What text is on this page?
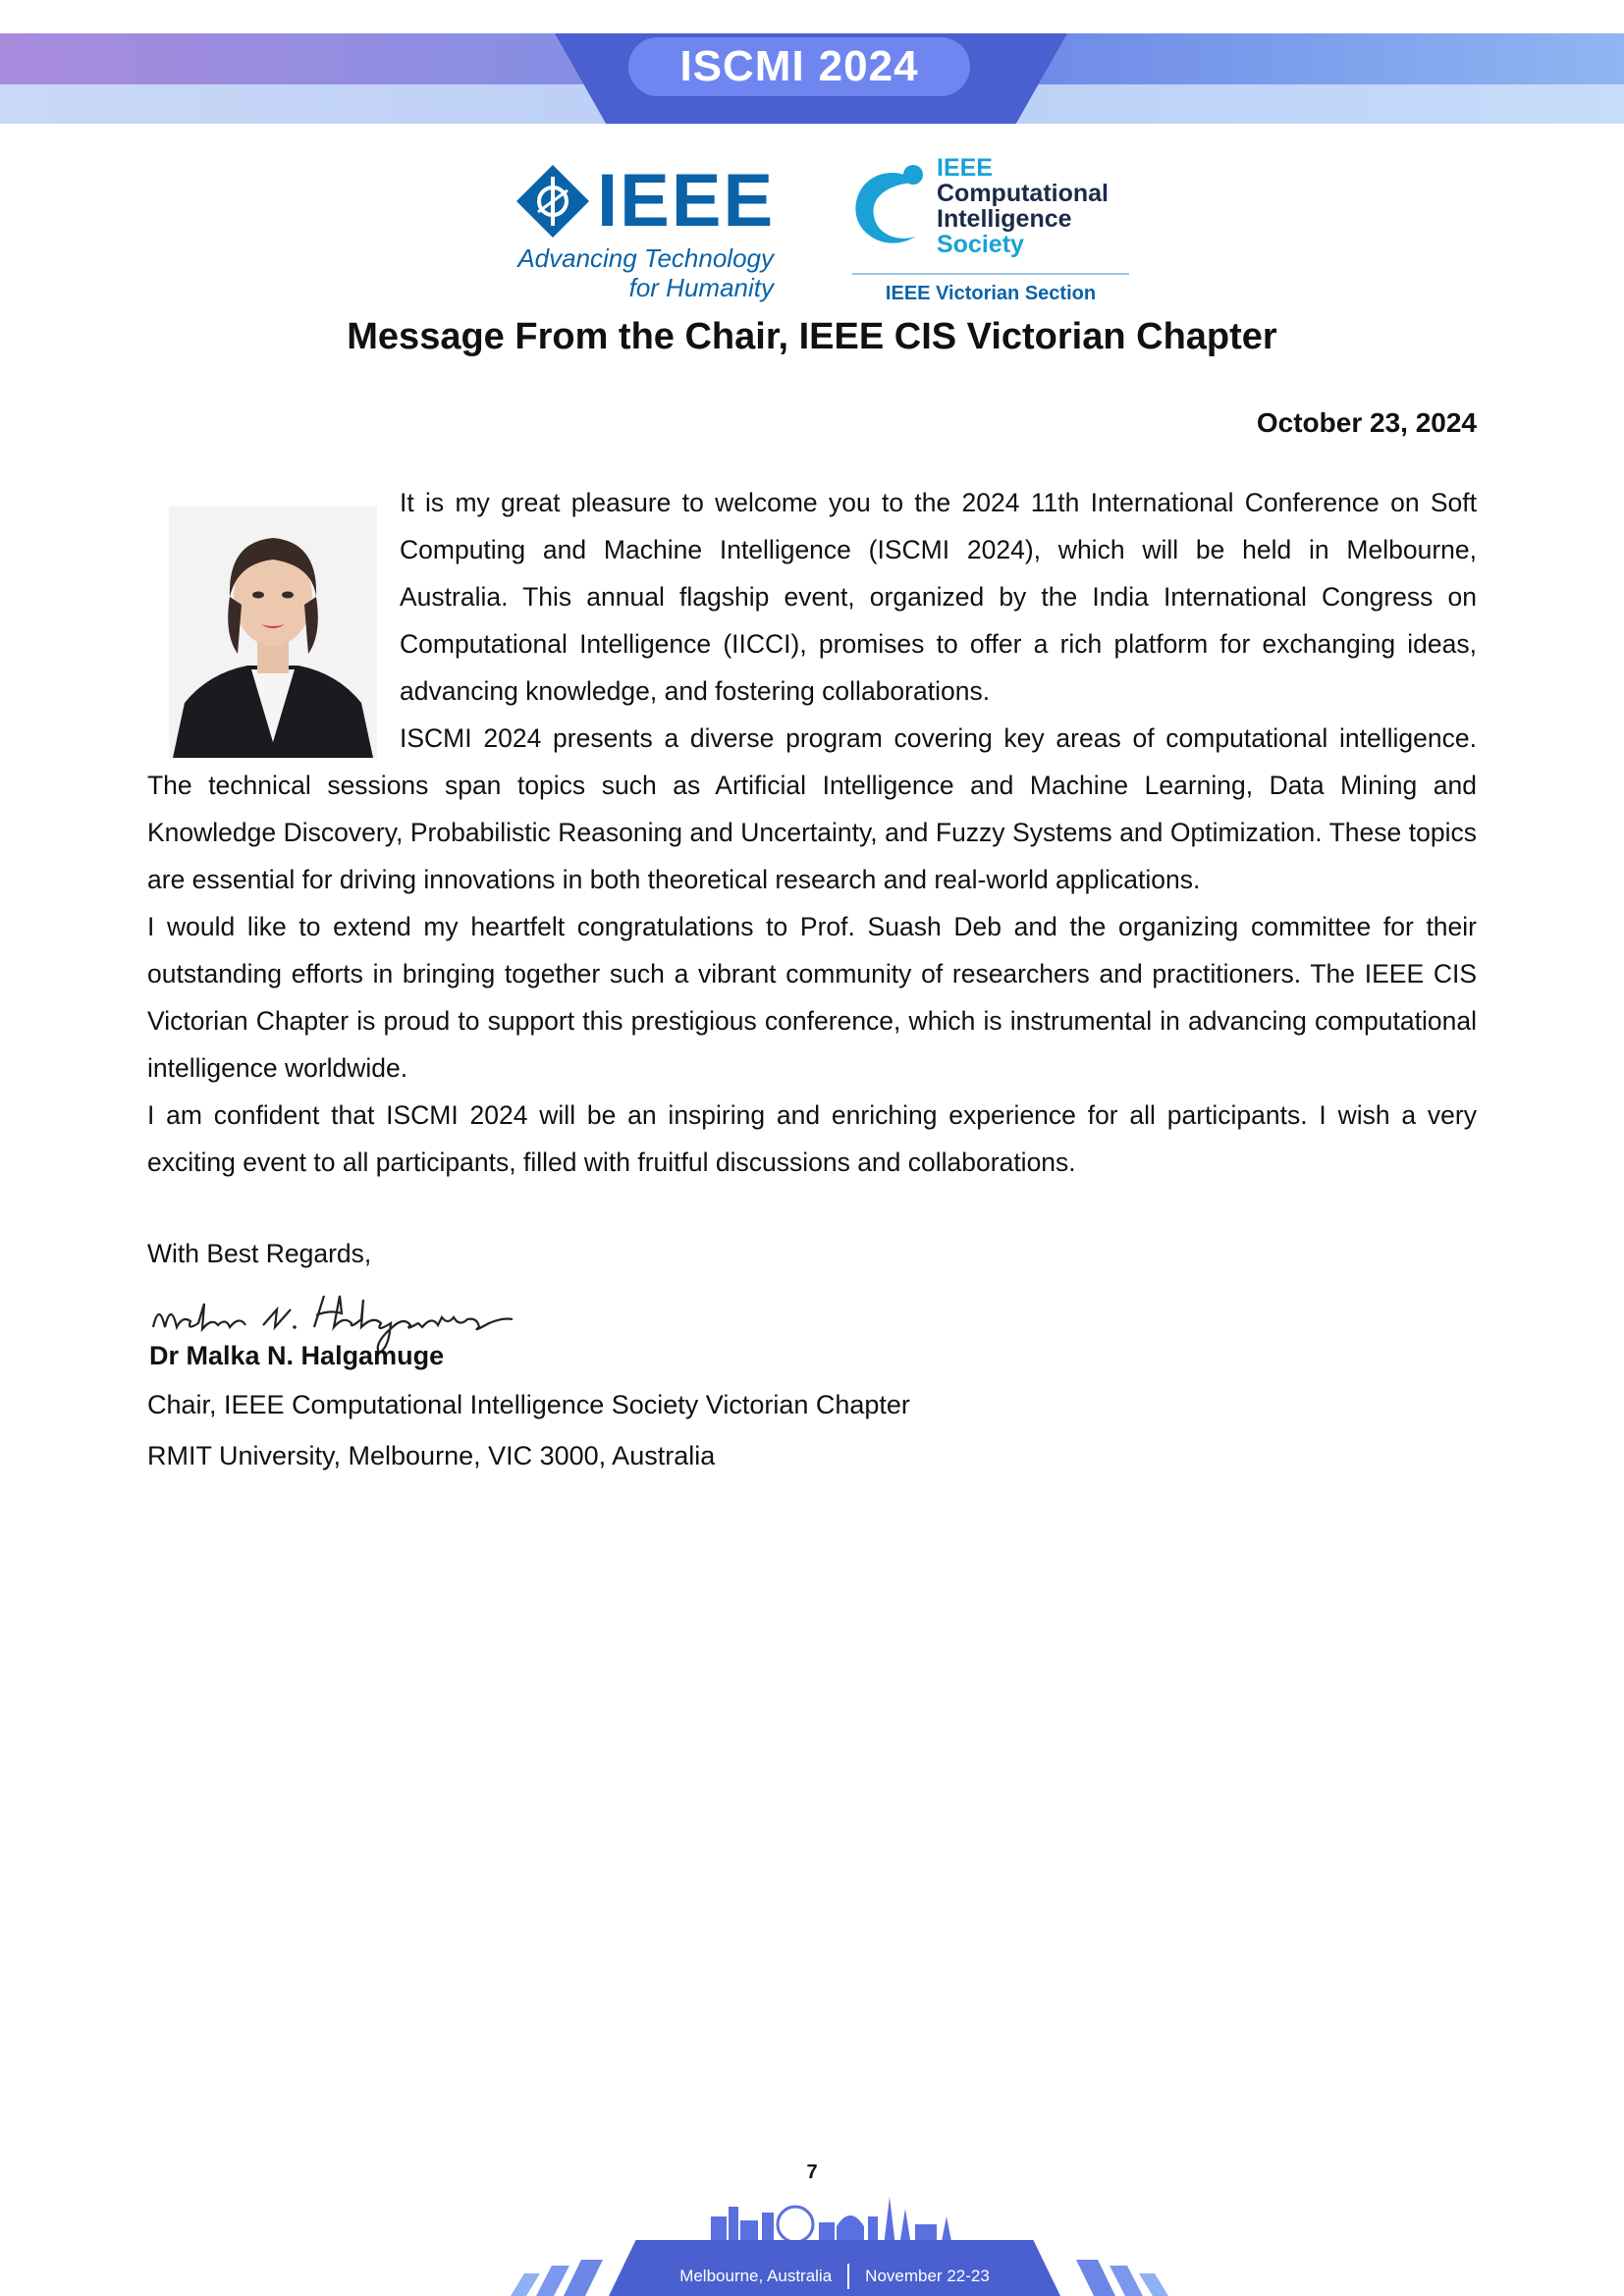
ISCMI 2024
IEEE
Advancing Technology
for Humanity
IEEE
Computational
Intelligence
Society
IEEE Victorian Section
Message From the Chair, IEEE CIS Victorian Chapter
October 23, 2024

It is my great pleasure to welcome you to the 2024 11th International Conference on Soft Computing and Machine Intelligence (ISCMI 2024), which will be held in Melbourne, Australia. This annual flagship event, organized by the India International Congress on Computational Intelligence (IICCI), promises to offer a rich platform for exchanging ideas, advancing knowledge, and fostering collaborations.

ISCMI 2024 presents a diverse program covering key areas of computational intelligence. The technical sessions span topics such as Artificial Intelligence and Machine Learning, Data Mining and Knowledge Discovery, Probabilistic Reasoning and Uncertainty, and Fuzzy Systems and Optimization. These topics are essential for driving innovations in both theoretical research and real-world applications.

I would like to extend my heartfelt congratulations to Prof. Suash Deb and the organizing committee for their outstanding efforts in bringing together such a vibrant community of researchers and practitioners. The IEEE CIS Victorian Chapter is proud to support this prestigious conference, which is instrumental in advancing computational intelligence worldwide.

I am confident that ISCMI 2024 will be an inspiring and enriching experience for all participants. I wish a very exciting event to all participants, filled with fruitful discussions and collaborations.

With Best Regards,
Dr Malka N. Halgamuge
Chair, IEEE Computational Intelligence Society Victorian Chapter
RMIT University, Melbourne, VIC 3000, Australia
7
Melbourne, Australia November 22-23
